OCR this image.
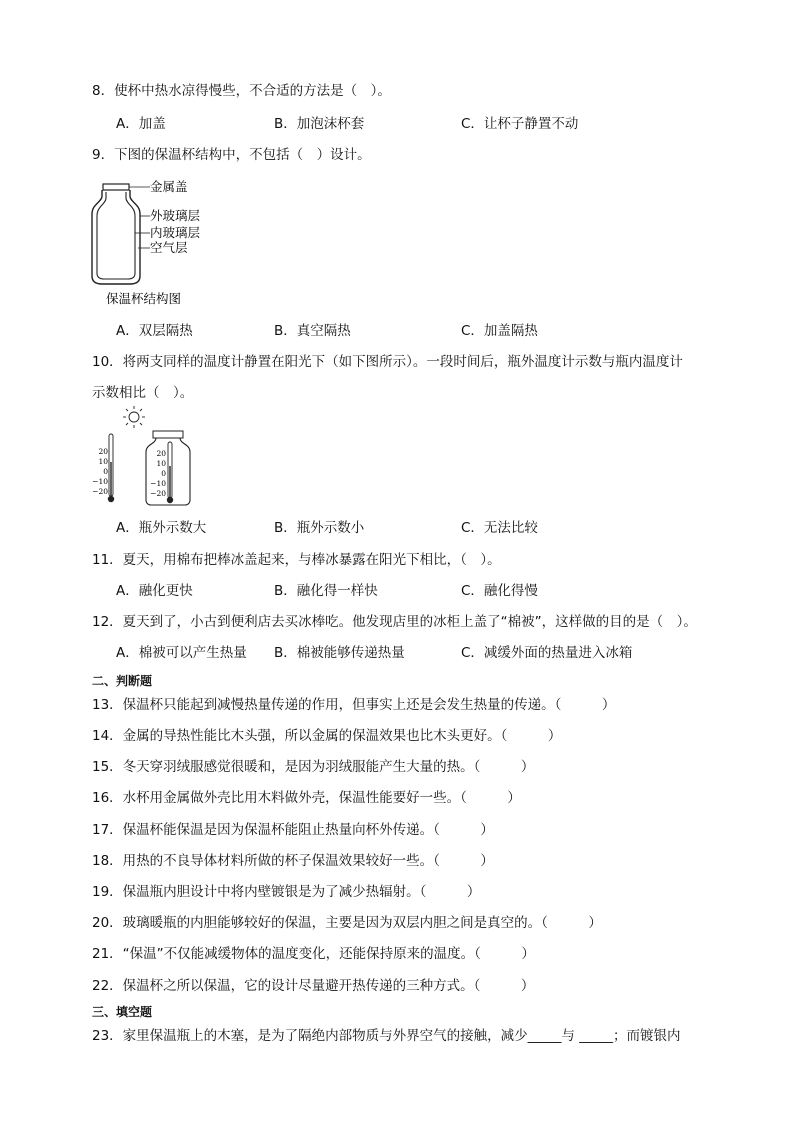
8．使杯中热水凉得慢些，不合适的方法是（　）。
A．加盖	B．加泡沫杯套	C．让杯子静置不动
9．下图的保温杯结构中，不包括（　）设计。
金属盖
外玻璃层
内玻璃层
空气层
保温杯结构图
A．双层隔热	B．真空隔热	C．加盖隔热
10．将两支同样的温度计静置在阳光下（如下图所示）。一段时间后，瓶外温度计示数与瓶内温度计
示数相比（　）。
20
10
0
−10
−20
20
10
0
−10
−20
A．瓶外示数大	B．瓶外示数小	C．无法比较
11．夏天，用棉布把棒冰盖起来，与棒冰暴露在阳光下相比，（　）。
A．融化更快	B．融化得一样快	C．融化得慢
12．夏天到了，小古到便利店去买冰棒吃。他发现店里的冰柜上盖了“棉被”，这样做的目的是（　）。
A．棉被可以产生热量 B．棉被能够传递热量	C．减缓外面的热量进入冰箱
二、判断题
13．保温杯只能起到减慢热量传递的作用，但事实上还是会发生热量的传递。（　　　）
14．金属的导热性能比木头强，所以金属的保温效果也比木头更好。（　　　）
15．冬天穿羽绒服感觉很暖和，是因为羽绒服能产生大量的热。（　　　）
16．水杯用金属做外壳比用木料做外壳，保温性能要好一些。（　　　）
17．保温杯能保温是因为保温杯能阻止热量向杯外传递。（　　　）
18．用热的不良导体材料所做的杯子保温效果较好一些。（　　　）
19．保温瓶内胆设计中将内壁镀银是为了减少热辐射。（　　　）
20．玻璃暖瓶的内胆能够较好的保温，主要是因为双层内胆之间是真空的。（　　　）
21．“保温”不仅能减缓物体的温度变化，还能保持原来的温度。（　　　）
22．保温杯之所以保温，它的设计尽量避开热传递的三种方式。（　　　）
三、填空题
23．家里保温瓶上的木塞，是为了隔绝内部物质与外界空气的接触，减少_____与 _____；而镀银内
